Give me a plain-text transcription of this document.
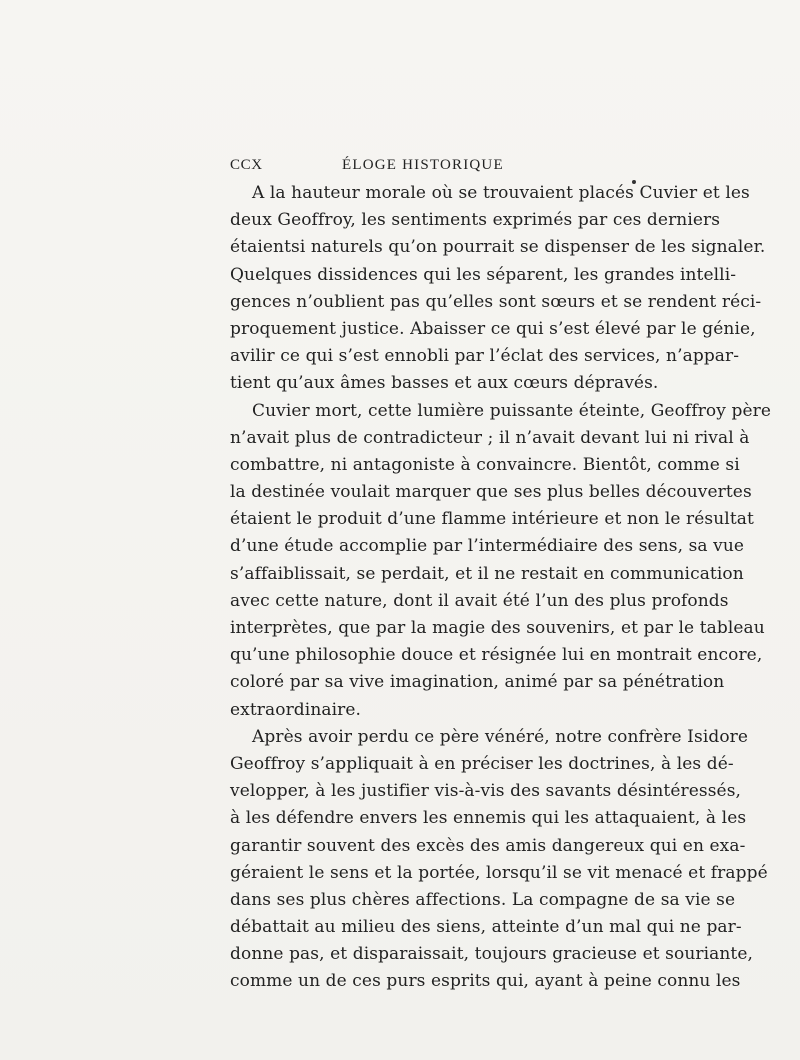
CCX	ÉLOGE HISTORIQUE
A la hauteur morale où se trouvaient placés Cuvier et les
deux Geoffroy, les sentiments exprimés par ces derniers
étaientsi naturels qu’on pourrait se dispenser de les signaler.
Quelques dissidences qui les séparent, les grandes intelli-
gences n’oublient pas qu’elles sont sœurs et se rendent réci-
proquement justice. Abaisser ce qui s’est élevé par le génie,
avilir ce qui s’est ennobli par l’éclat des services, n’appar-
tient qu’aux âmes basses et aux cœurs dépravés.
Cuvier mort, cette lumière puissante éteinte, Geoffroy père
n’avait plus de contradicteur ; il n’avait devant lui ni rival à
combattre, ni antagoniste à convaincre. Bientôt, comme si
la destinée voulait marquer que ses plus belles découvertes
étaient le produit d’une flamme intérieure et non le résultat
d’une étude accomplie par l’intermédiaire des sens, sa vue
s’affaiblissait, se perdait, et il ne restait en communication
avec cette nature, dont il avait été l’un des plus profonds
interprètes, que par la magie des souvenirs, et par le tableau
qu’une philosophie douce et résignée lui en montrait encore,
coloré par sa vive imagination, animé par sa pénétration
extraordinaire.
Après avoir perdu ce père vénéré, notre confrère Isidore
Geoffroy s’appliquait à en préciser les doctrines, à les dé-
velopper, à les justifier vis-à-vis des savants désintéressés,
à les défendre envers les ennemis qui les attaquaient, à les
garantir souvent des excès des amis dangereux qui en exa-
géraient le sens et la portée, lorsqu’il se vit menacé et frappé
dans ses plus chères affections. La compagne de sa vie se
débattait au milieu des siens, atteinte d’un mal qui ne par-
donne pas, et disparaissait, toujours gracieuse et souriante,
comme un de ces purs esprits qui, ayant à peine connu les
